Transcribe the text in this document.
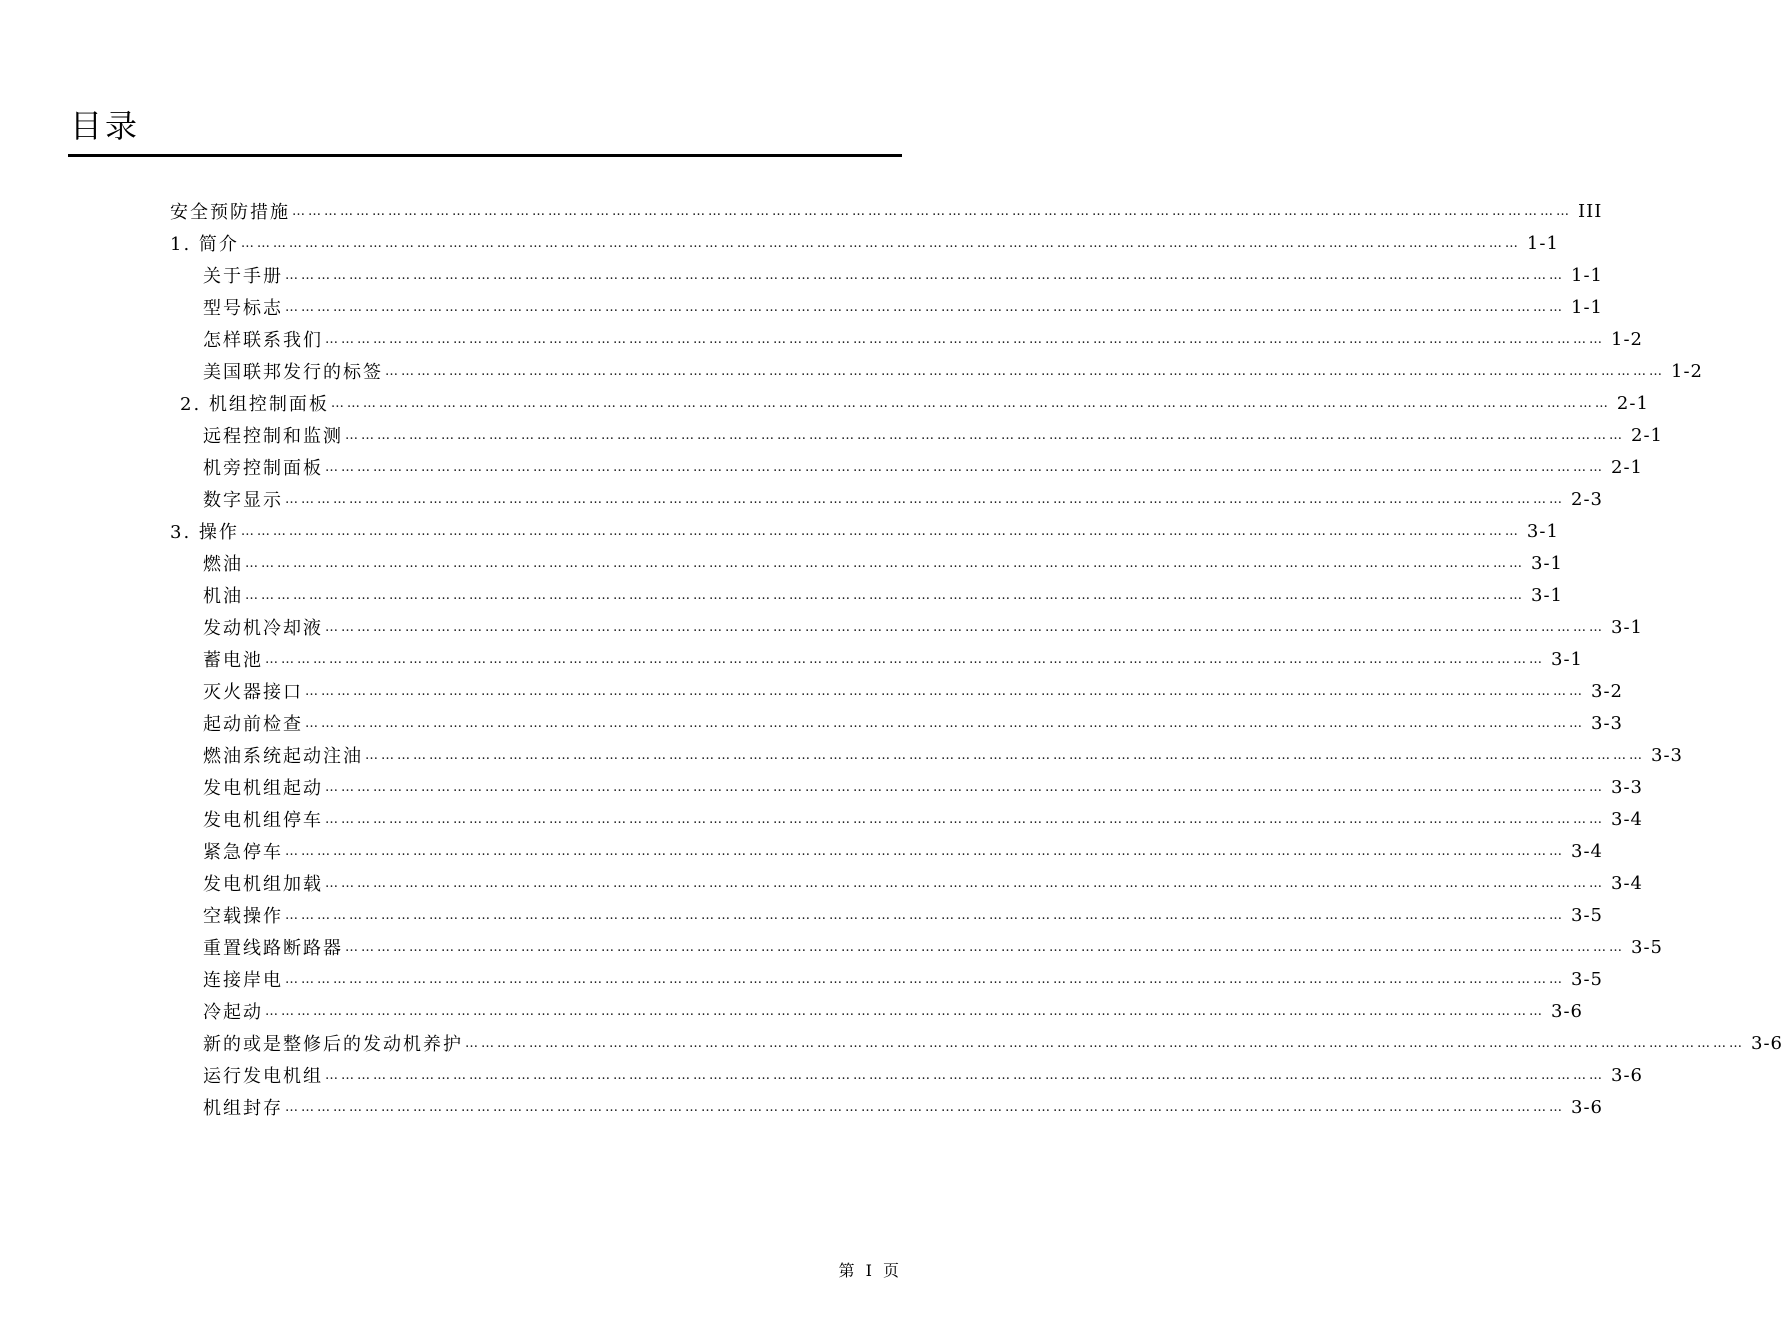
目录
安全预防措施 …………………………………………………………………………………………………………………………………………………………………………………………………………………… III
1. 简介 …………………………………………………………………………………………………………………………………………………………………………………………………………………… 1-1
关于手册 …………………………………………………………………………………………………………………………………………………………………………………………………………………… 1-1
型号标志 …………………………………………………………………………………………………………………………………………………………………………………………………………………… 1-1
怎样联系我们 …………………………………………………………………………………………………………………………………………………………………………………………………………………… 1-2
美国联邦发行的标签 …………………………………………………………………………………………………………………………………………………………………………………………………………………… 1-2
2. 机组控制面板 …………………………………………………………………………………………………………………………………………………………………………………………………………………… 2-1
远程控制和监测 …………………………………………………………………………………………………………………………………………………………………………………………………………………… 2-1
机旁控制面板 …………………………………………………………………………………………………………………………………………………………………………………………………………………… 2-1
数字显示 …………………………………………………………………………………………………………………………………………………………………………………………………………………… 2-3
3. 操作 …………………………………………………………………………………………………………………………………………………………………………………………………………………… 3-1
燃油 …………………………………………………………………………………………………………………………………………………………………………………………………………………… 3-1
机油 …………………………………………………………………………………………………………………………………………………………………………………………………………………… 3-1
发动机冷却液 …………………………………………………………………………………………………………………………………………………………………………………………………………………… 3-1
蓄电池 …………………………………………………………………………………………………………………………………………………………………………………………………………………… 3-1
灭火器接口 …………………………………………………………………………………………………………………………………………………………………………………………………………………… 3-2
起动前检查 …………………………………………………………………………………………………………………………………………………………………………………………………………………… 3-3
燃油系统起动注油 …………………………………………………………………………………………………………………………………………………………………………………………………………………… 3-3
发电机组起动 …………………………………………………………………………………………………………………………………………………………………………………………………………………… 3-3
发电机组停车 …………………………………………………………………………………………………………………………………………………………………………………………………………………… 3-4
紧急停车 …………………………………………………………………………………………………………………………………………………………………………………………………………………… 3-4
发电机组加载 …………………………………………………………………………………………………………………………………………………………………………………………………………………… 3-4
空载操作 …………………………………………………………………………………………………………………………………………………………………………………………………………………… 3-5
重置线路断路器 …………………………………………………………………………………………………………………………………………………………………………………………………………………… 3-5
连接岸电 …………………………………………………………………………………………………………………………………………………………………………………………………………………… 3-5
冷起动 …………………………………………………………………………………………………………………………………………………………………………………………………………………… 3-6
新的或是整修后的发动机养护 …………………………………………………………………………………………………………………………………………………………………………………………………………………… 3-6
运行发电机组 …………………………………………………………………………………………………………………………………………………………………………………………………………………… 3-6
机组封存 …………………………………………………………………………………………………………………………………………………………………………………………………………………… 3-6
第 I 页
